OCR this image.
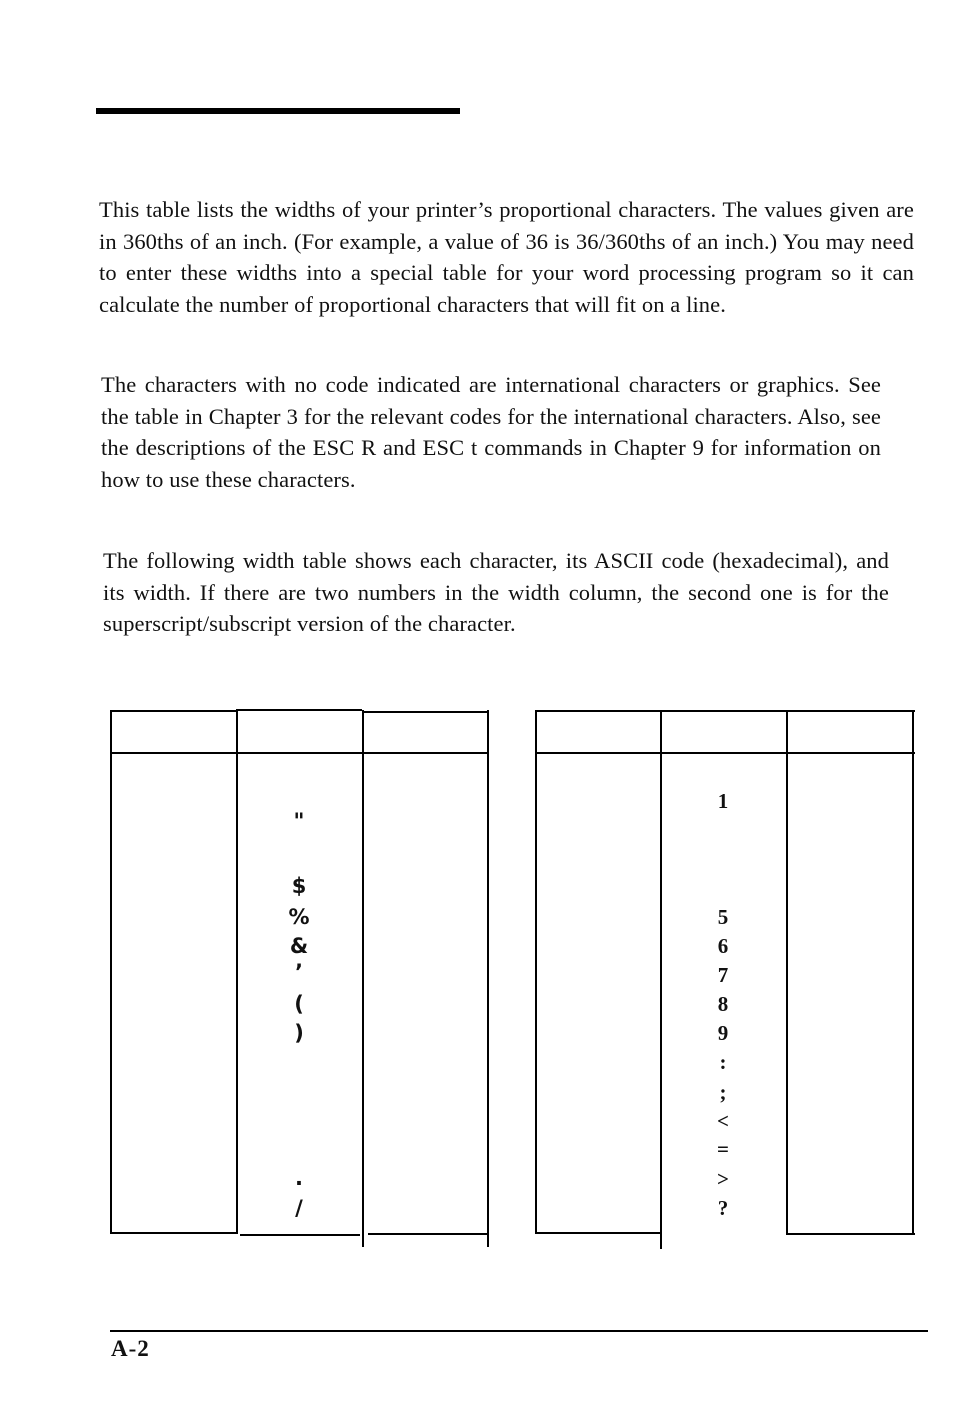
This table lists the widths of your printer’s proportional characters. The values given are in 360ths of an inch. (For example, a value of 36 is 36/360ths of an inch.) You may need to enter these widths into a special table for your word processing program so it can calculate the number of proportional characters that will fit on a line.

The characters with no code indicated are international characters or graphics. See the table in Chapter 3 for the relevant codes for the international characters. Also, see the descriptions of the ESC R and ESC t commands in Chapter 9 for information on how to use these characters.

The following width table shows each character, its ASCII code (hexadecimal), and its width. If there are two numbers in the width column, the second one is for the superscript/subscript version of the character.

"
$
%
&
’
(
)
.
/
1
5
6
7
8
9
:
;
<
=
>
?
A-2
